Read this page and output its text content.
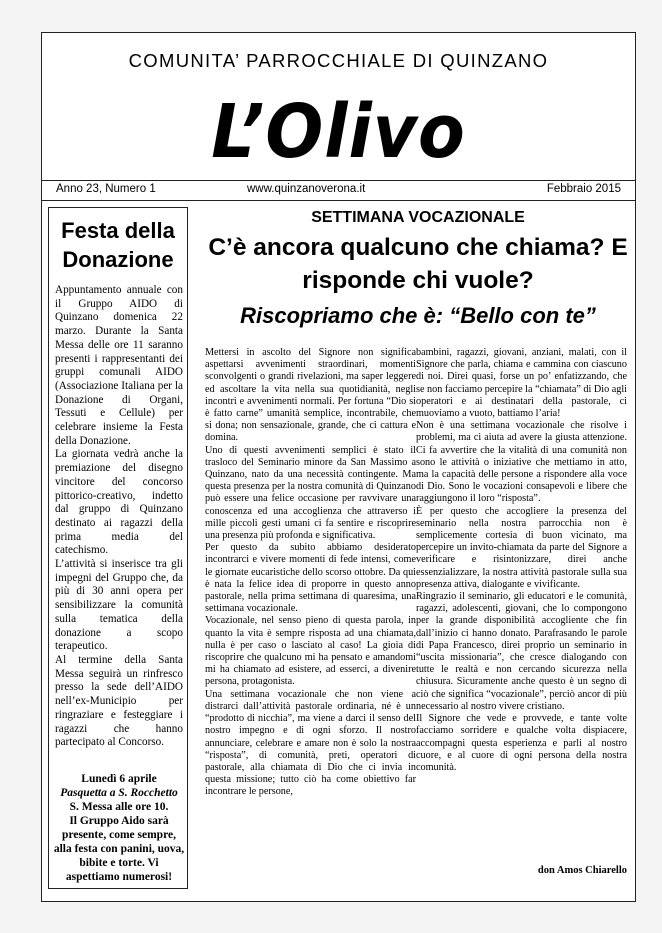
COMUNITA’ PARROCCHIALE DI QUINZANO
L’Olivo
Anno 23, Numero 1	www.quinzanoverona.it	Febbraio 2015
Festa della Donazione

Appuntamento annuale con il Gruppo AIDO di Quinzano domenica 22 marzo. Durante la Santa Messa delle ore 11 saranno presenti i rappresentanti dei gruppi comunali AIDO (Associazione Italiana per la Donazione di Organi, Tessuti e Cellule) per celebrare insieme la Festa della Donazione.

La giornata vedrà anche la premiazione del disegno vincitore del concorso pittorico-creativo, indetto dal gruppo di Quinzano destinato ai ragazzi della prima media del catechismo.

L’attività si inserisce tra gli impegni del Gruppo che, da più di 30 anni opera per sensibilizzare la comunità sulla tematica della donazione a scopo terapeutico.

Al termine della Santa Messa seguirà un rinfresco presso la sede dell’AIDO nell’ex-Municipio per ringraziare e festeggiare i ragazzi che hanno partecipato al Concorso.

Lunedì 6 aprile
Pasquetta a S. Rocchetto
S. Messa alle ore 10.
Il Gruppo Aido sarà presente, come sempre, alla festa con panini, uova, bibite e torte. Vi aspettiamo numerosi!
SETTIMANA VOCAZIONALE
C’è ancora qualcuno che chiama? E risponde chi vuole?
Riscopriamo che è: “Bello con te”

Mettersi in ascolto del Signore non significa aspettarsi avvenimenti straordinari, momenti sconvolgenti o grandi rivelazioni, ma saper leggere ed ascoltare la vita nella sua quotidianità, negli incontri e avvenimenti normali. Per fortuna “Dio si è fatto carne” umanità semplice, incontrabile, che si dona; non sensazionale, grande, che ci cattura e domina.

Uno di questi avvenimenti semplici è stato il trasloco del Seminario minore da San Massimo a Quinzano, nato da una necessità contingente. Ma questa presenza per la nostra comunità di Quinzano può essere una felice occasione per ravvivare una conoscenza ed una accoglienza che attraverso i mille piccoli gesti umani ci fa sentire e riscoprire una presenza più profonda e significativa.

Per questo da subito abbiamo desiderato incontrarci e vivere momenti di fede intensi, come le giornate eucaristiche dello scorso ottobre. Da qui è nata la felice idea di proporre in questo anno pastorale, nella prima settimana di quaresima, una settimana vocazionale.

Vocazionale, nel senso pieno di questa parola, in quanto la vita è sempre risposta ad una chiamata, nulla è per caso o lasciato al caso! La gioia di riscoprire che qualcuno mi ha pensato e amandomi mi ha chiamato ad esistere, ad esserci, a divenire persona, protagonista.

Una settimana vocazionale che non viene a distrarci dall’attività pastorale ordinaria, né è un “prodotto di nicchia”, ma viene a darci il senso del nostro impegno e di ogni sforzo. Il nostro annunciare, celebrare e amare non è solo la nostra “risposta”, di comunità, preti, operatori di pastorale, alla chiamata di Dio che ci invia in questa missione; tutto ciò ha come obiettivo far incontrare le persone,

bambini, ragazzi, giovani, anziani, malati, con il Signore che parla, chiama e cammina con ciascuno di noi. Direi quasi, forse un po’ enfatizzando, che se non facciamo percepire la “chiamata” di Dio agli operatori e ai destinatari della pastorale, ci muoviamo a vuoto, battiamo l’aria!

Non è una settimana vocazionale che risolve i problemi, ma ci aiuta ad avere la giusta attenzione. Ci fa avvertire che la vitalità di una comunità non sono le attività o iniziative che mettiamo in atto, ma la capacità delle persone a rispondere alla voce di Dio. Sono le vocazioni consapevoli e libere che raggiungono il loro “risposta”.

È per questo che accogliere la presenza del seminario nella nostra parrocchia non è semplicemente cortesia di buon vicinato, ma percepire un invito-chiamata da parte del Signore a verificare e risintonizzare, direi anche essenzializzare, la nostra attività pastorale sulla sua presenza attiva, dialogante e vivificante.

Ringrazio il seminario, gli educatori e le comunità, ragazzi, adolescenti, giovani, che lo compongono per la grande disponibilità accogliente che fin dall’inizio ci hanno donato. Parafrasando le parole di Papa Francesco, direi proprio un seminario in “uscita missionaria”, che cresce dialogando con tutte le realtà e non cercando sicurezza nella chiusura. Sicuramente anche questo è un segno di ciò che significa “vocazionale”, perciò ancor di più necessario al nostro vivere cristiano.

Il Signore che vede e provvede, e tante volte facciamo sorridere e qualche volta dispiacere, accompagni questa esperienza e parli al nostro cuore, e al cuore di ogni persona della nostra comunità.

don Amos Chiarello
